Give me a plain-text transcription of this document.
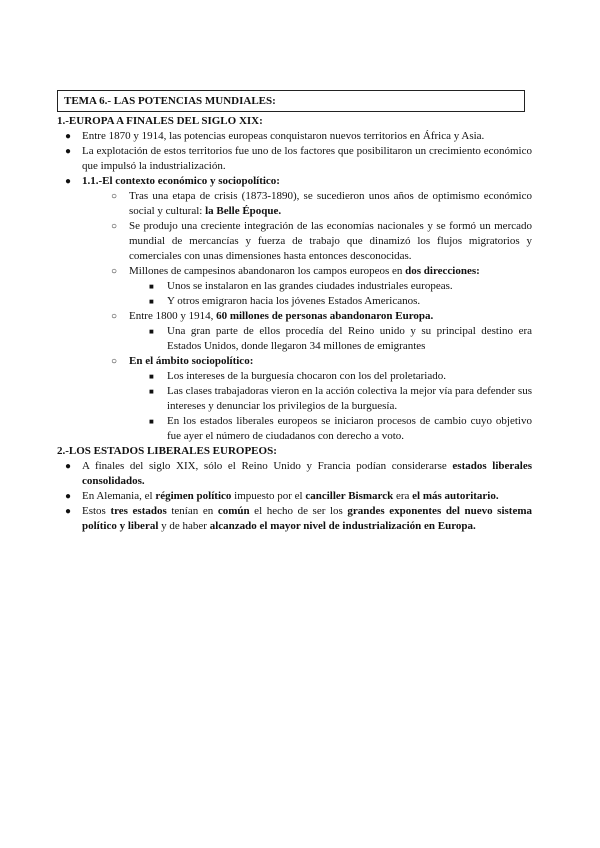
TEMA 6.- LAS POTENCIAS MUNDIALES:

1.-EUROPA A FINALES DEL SIGLO XIX:

● Entre 1870 y 1914, las potencias europeas conquistaron nuevos territorios en África y Asia.
● La explotación de estos territorios fue uno de los factores que posibilitaron un crecimiento económico que impulsó la industrialización.
● 1.1.-El contexto económico y sociopolítico:
○ Tras una etapa de crisis (1873-1890), se sucedieron unos años de optimismo económico social y cultural: la Belle Époque.
○ Se produjo una creciente integración de las economías nacionales y se formó un mercado mundial de mercancías y fuerza de trabajo que dinamizó los flujos migratorios y comerciales con unas dimensiones hasta entonces desconocidas.
○ Millones de campesinos abandonaron los campos europeos en dos direcciones:
■ Unos se instalaron en las grandes ciudades industriales europeas.
■ Y otros emigraron hacia los jóvenes Estados Americanos.
○ Entre 1800 y 1914, 60 millones de personas abandonaron Europa.
■ Una gran parte de ellos procedía del Reino unido y su principal destino era Estados Unidos, donde llegaron 34 millones de emigrantes
○ En el ámbito sociopolítico:
■ Los intereses de la burguesía chocaron con los del proletariado.
■ Las clases trabajadoras vieron en la acción colectiva la mejor vía para defender sus intereses y denunciar los privilegios de la burguesía.
■ En los estados liberales europeos se iniciaron procesos de cambio cuyo objetivo fue ayer el número de ciudadanos con derecho a voto.

2.-LOS ESTADOS LIBERALES EUROPEOS:

● A finales del siglo XIX, sólo el Reino Unido y Francia podían considerarse estados liberales consolidados.
● En Alemania, el régimen político impuesto por el canciller Bismarck era el más autoritario.
● Estos tres estados tenían en común el hecho de ser los grandes exponentes del nuevo sistema político y liberal y de haber alcanzado el mayor nivel de industrialización en Europa.
